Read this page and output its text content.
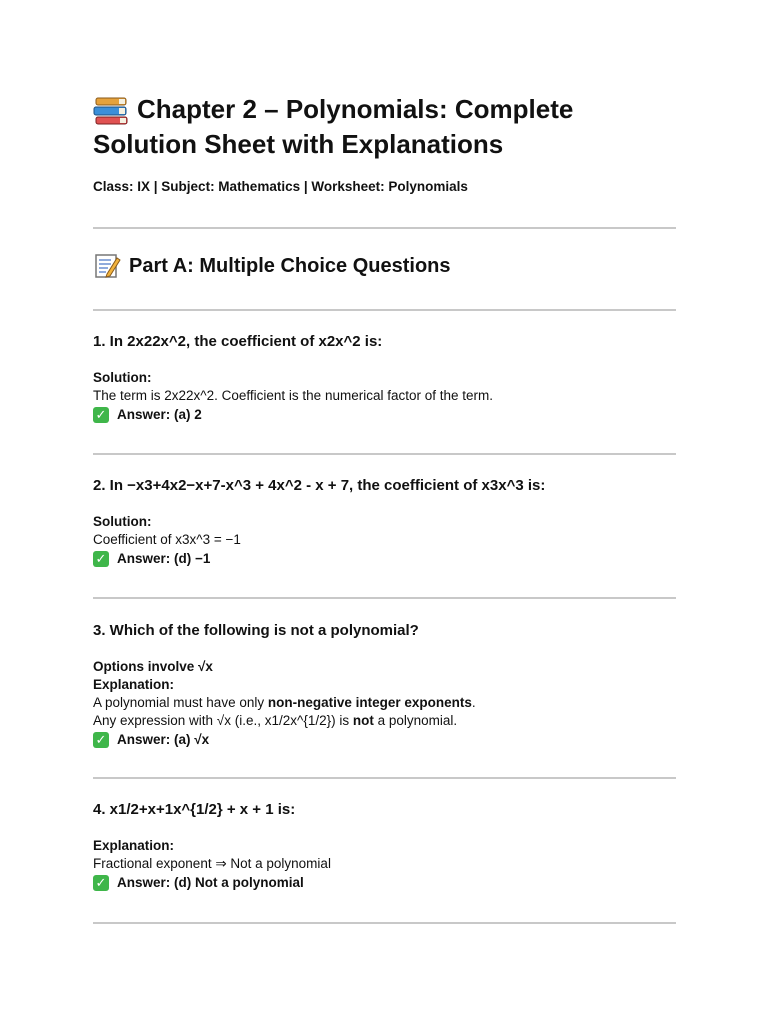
Chapter 2 – Polynomials: Complete Solution Sheet with Explanations

Class: IX | Subject: Mathematics | Worksheet: Polynomials

Part A: Multiple Choice Questions
1. In 2x22x^2, the coefficient of x2x^2 is:

Solution:

The term is 2x22x^2. Coefficient is the numerical factor of the term.

✓ Answer: (a) 2
2. In −x3+4x2−x+7-x^3 + 4x^2 - x + 7, the coefficient of x3x^3 is:

Solution:

Coefficient of x3x^3 = −1

✓ Answer: (d) −1
3. Which of the following is not a polynomial?

Options involve √x

Explanation:

A polynomial must have only non-negative integer exponents.

Any expression with √x (i.e., x1/2x^{1/2}) is not a polynomial.

✓ Answer: (a) √x
4. x1/2+x+1x^{1/2} + x + 1 is:

Explanation:

Fractional exponent ⇒ Not a polynomial

✓ Answer: (d) Not a polynomial
